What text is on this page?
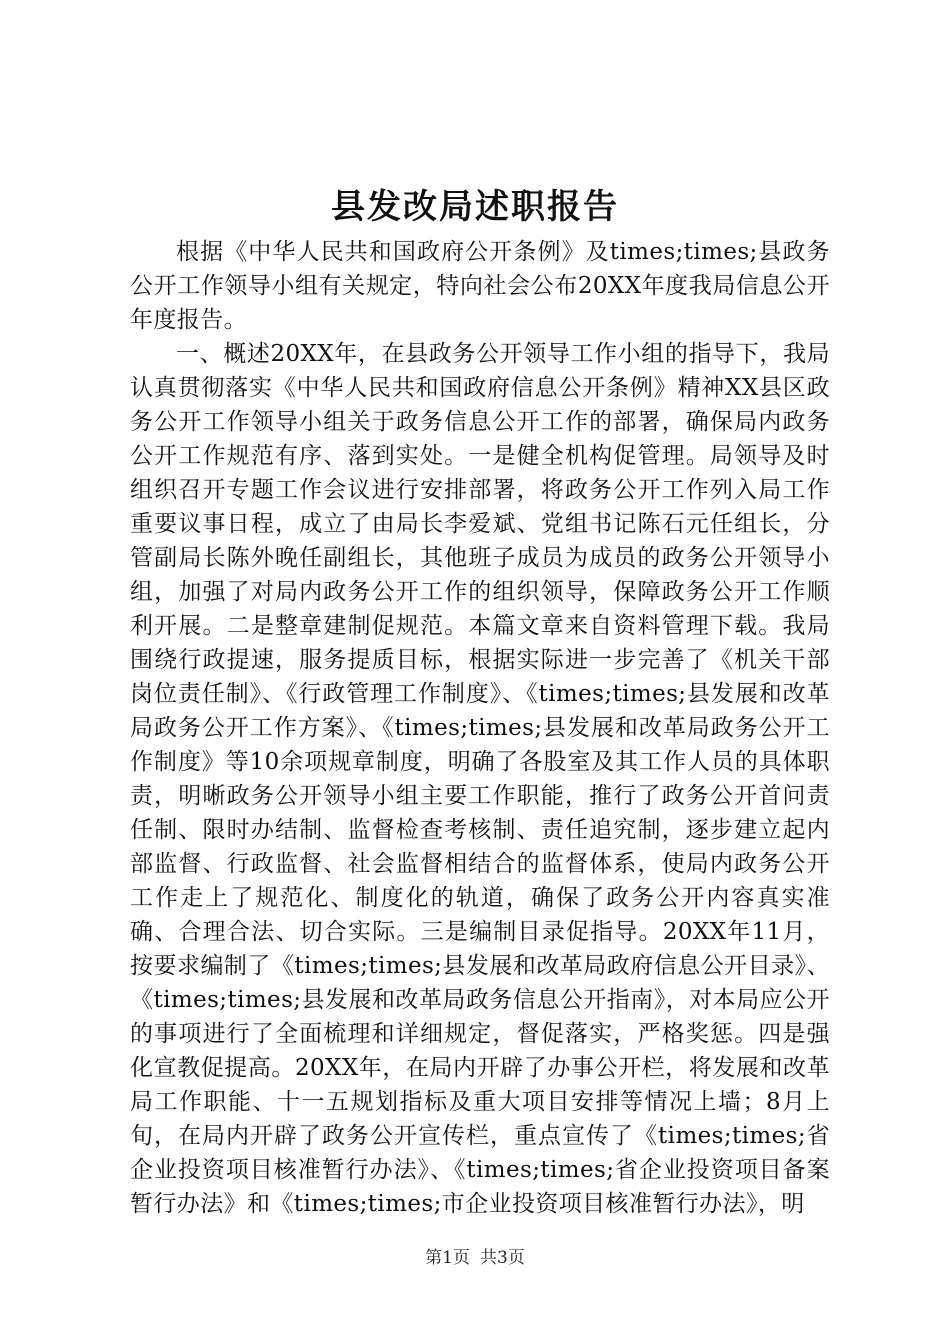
县发改局述职报告

根据《中华人民共和国政府公开条例》及times;times;县政务公开工作领导小组有关规定，特向社会公布20XX年度我局信息公开年度报告。

一、概述20XX年，在县政务公开领导工作小组的指导下，我局认真贯彻落实《中华人民共和国政府信息公开条例》精神XX县区政务公开工作领导小组关于政务信息公开工作的部署，确保局内政务公开工作规范有序、落到实处。一是健全机构促管理。局领导及时组织召开专题工作会议进行安排部署，将政务公开工作列入局工作重要议事日程，成立了由局长李爱斌、党组书记陈石元任组长，分管副局长陈外晚任副组长，其他班子成员为成员的政务公开领导小组，加强了对局内政务公开工作的组织领导，保障政务公开工作顺利开展。二是整章建制促规范。本篇文章来自资料管理下载。我局围绕行政提速，服务提质目标，根据实际进一步完善了《机关干部岗位责任制》、《行政管理工作制度》、《times;times;县发展和改革局政务公开工作方案》、《times;times;县发展和改革局政务公开工作制度》等10余项规章制度，明确了各股室及其工作人员的具体职责，明晰政务公开领导小组主要工作职能，推行了政务公开首问责任制、限时办结制、监督检查考核制、责任追究制，逐步建立起内部监督、行政监督、社会监督相结合的监督体系，使局内政务公开工作走上了规范化、制度化的轨道，确保了政务公开内容真实准确、合理合法、切合实际。三是编制目录促指导。20XX年11月，按要求编制了《times;times;县发展和改革局政府信息公开目录》、《times;times;县发展和改革局政务信息公开指南》，对本局应公开的事项进行了全面梳理和详细规定，督促落实，严格奖惩。四是强化宣教促提高。20XX年，在局内开辟了办事公开栏，将发展和改革局工作职能、十一五规划指标及重大项目安排等情况上墙；8月上旬，在局内开辟了政务公开宣传栏，重点宣传了《times;times;省企业投资项目核准暂行办法》、《times;times;省企业投资项目备案暂行办法》和《times;times;市企业投资项目核准暂行办法》，明

第1页 共3页
